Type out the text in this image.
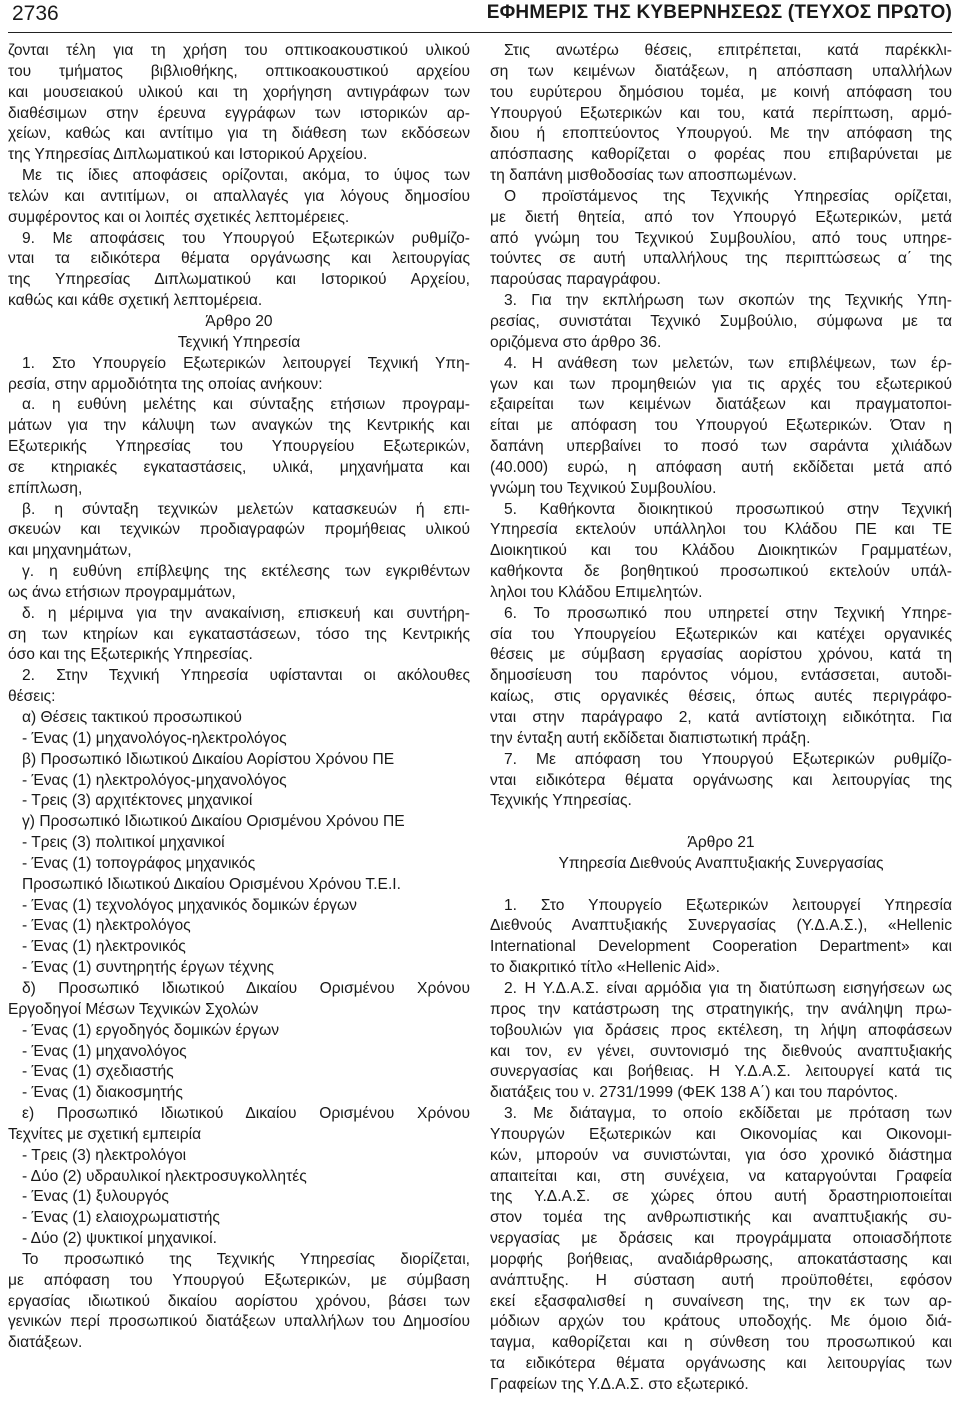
2736	ΕΦΗΜΕΡΙΣ ΤΗΣ ΚΥΒΕΡΝΗΣΕΩΣ (ΤΕΥΧΟΣ ΠΡΩΤΟ)
ζονται τέλη για τη χρήση του οπτικοακουστικού υλικού
του τμήματος βιβλιοθήκης, οπτικοακουστικού αρχείου
και μουσειακού υλικού και τη χορήγηση αντιγράφων των
διαθέσιμων στην έρευνα εγγράφων των ιστορικών αρ-
χείων, καθώς και αντίτιμο για τη διάθεση των εκδόσεων
της Υπηρεσίας Διπλωματικού και Ιστορικού Αρχείου.
Με τις ίδιες αποφάσεις ορίζονται, ακόμα, το ύψος των
τελών και αντιτίμων, οι απαλλαγές για λόγους δημοσίου
συμφέροντος και οι λοιπές σχετικές λεπτομέρειες.
9. Με αποφάσεις του Υπουργού Εξωτερικών ρυθμίζο-
νται τα ειδικότερα θέματα οργάνωσης και λειτουργίας
της Υπηρεσίας Διπλωματικού και Ιστορικού Αρχείου,
καθώς και κάθε σχετική λεπτομέρεια.
Άρθρο 20
Τεχνική Υπηρεσία
1. Στο Υπουργείο Εξωτερικών λειτουργεί Τεχνική Υπη-
ρεσία, στην αρμοδιότητα της οποίας ανήκουν:
α. η ευθύνη μελέτης και σύνταξης ετήσιων προγραμ-
μάτων για την κάλυψη των αναγκών της Κεντρικής και
Εξωτερικής Υπηρεσίας του Υπουργείου Εξωτερικών,
σε κτηριακές εγκαταστάσεις, υλικά, μηχανήματα και
επίπλωση,
β. η σύνταξη τεχνικών μελετών κατασκευών ή επι-
σκευών και τεχνικών προδιαγραφών προμήθειας υλικού
και μηχανημάτων,
γ. η ευθύνη επίβλεψης της εκτέλεσης των εγκριθέντων
ως άνω ετήσιων προγραμμάτων,
δ. η μέριμνα για την ανακαίνιση, επισκευή και συντήρη-
ση των κτηρίων και εγκαταστάσεων, τόσο της Κεντρικής
όσο και της Εξωτερικής Υπηρεσίας.
2. Στην Τεχνική Υπηρεσία υφίστανται οι ακόλουθες
θέσεις:
α) Θέσεις τακτικού προσωπικού
- Ένας (1) μηχανολόγος-ηλεκτρολόγος
β) Προσωπικό Ιδιωτικού Δικαίου Αορίστου Χρόνου ΠΕ
- Ένας (1) ηλεκτρολόγος-μηχανολόγος
- Τρεις (3) αρχιτέκτονες μηχανικοί
γ) Προσωπικό Ιδιωτικού Δικαίου Ορισμένου Χρόνου ΠΕ
- Τρεις (3) πολιτικοί μηχανικοί
- Ένας (1) τοπογράφος μηχανικός
Προσωπικό Ιδιωτικού Δικαίου Ορισμένου Χρόνου Τ.Ε.Ι.
- Ένας (1) τεχνολόγος μηχανικός δομικών έργων
- Ένας (1) ηλεκτρολόγος
- Ένας (1) ηλεκτρονικός
- Ένας (1) συντηρητής έργων τέχνης
δ) Προσωπικό Ιδιωτικού Δικαίου Ορισμένου Χρόνου
Εργοδηγοί Μέσων Τεχνικών Σχολών
- Ένας (1) εργοδηγός δομικών έργων
- Ένας (1) μηχανολόγος
- Ένας (1) σχεδιαστής
- Ένας (1) διακοσμητής
ε) Προσωπικό Ιδιωτικού Δικαίου Ορισμένου Χρόνου
Τεχνίτες με σχετική εμπειρία
- Τρεις (3) ηλεκτρολόγοι
- Δύο (2) υδραυλικοί ηλεκτροσυγκολλητές
- Ένας (1) ξυλουργός
- Ένας (1) ελαιοχρωματιστής
- Δύο (2) ψυκτικοί μηχανικοί.
Το προσωπικό της Τεχνικής Υπηρεσίας διορίζεται,
με απόφαση του Υπουργού Εξωτερικών, με σύμβαση
εργασίας ιδιωτικού δικαίου αορίστου χρόνου, βάσει των
γενικών περί προσωπικού διατάξεων υπαλλήλων του Δημοσίου
διατάξεων.
Στις ανωτέρω θέσεις, επιτρέπεται, κατά παρέκκλι-
ση των κειμένων διατάξεων, η απόσπαση υπαλλήλων
του ευρύτερου δημόσιου τομέα, με κοινή απόφαση του
Υπουργού Εξωτερικών και του, κατά περίπτωση, αρμό-
διου ή εποπτεύοντος Υπουργού. Με την απόφαση της
απόσπασης καθορίζεται ο φορέας που επιβαρύνεται με
τη δαπάνη μισθοδοσίας των αποσπωμένων.
Ο προϊστάμενος της Τεχνικής Υπηρεσίας ορίζεται,
με διετή θητεία, από τον Υπουργό Εξωτερικών, μετά
από γνώμη του Τεχνικού Συμβουλίου, από τους υπηρε-
τούντες σε αυτή υπαλλήλους της περιπτώσεως α΄ της
παρούσας παραγράφου.
3. Για την εκπλήρωση των σκοπών της Τεχνικής Υπη-
ρεσίας, συνιστάται Τεχνικό Συμβούλιο, σύμφωνα με τα
οριζόμενα στο άρθρο 36.
4. Η ανάθεση των μελετών, των επιβλέψεων, των έρ-
γων και των προμηθειών για τις αρχές του εξωτερικού
εξαιρείται των κειμένων διατάξεων και πραγματοποι-
είται με απόφαση του Υπουργού Εξωτερικών. Όταν η
δαπάνη υπερβαίνει το ποσό των σαράντα χιλιάδων
(40.000) ευρώ, η απόφαση αυτή εκδίδεται μετά από
γνώμη του Τεχνικού Συμβουλίου.
5. Καθήκοντα διοικητικού προσωπικού στην Τεχνική
Υπηρεσία εκτελούν υπάλληλοι του Κλάδου ΠΕ και ΤΕ
Διοικητικού και του Κλάδου Διοικητικών Γραμματέων,
καθήκοντα δε βοηθητικού προσωπικού εκτελούν υπάλ-
ληλοι του Κλάδου Επιμελητών.
6. Το προσωπικό που υπηρετεί στην Τεχνική Υπηρε-
σία του Υπουργείου Εξωτερικών και κατέχει οργανικές
θέσεις με σύμβαση εργασίας αορίστου χρόνου, κατά τη
δημοσίευση του παρόντος νόμου, εντάσσεται, αυτοδι-
καίως, στις οργανικές θέσεις, όπως αυτές περιγράφο-
νται στην παράγραφο 2, κατά αντίστοιχη ειδικότητα. Για
την ένταξη αυτή εκδίδεται διαπιστωτική πράξη.
7. Με απόφαση του Υπουργού Εξωτερικών ρυθμίζο-
νται ειδικότερα θέματα οργάνωσης και λειτουργίας της
Τεχνικής Υπηρεσίας.
Άρθρο 21
Υπηρεσία Διεθνούς Αναπτυξιακής Συνεργασίας
1. Στο Υπουργείο Εξωτερικών λειτουργεί Υπηρεσία
Διεθνούς Αναπτυξιακής Συνεργασίας (Υ.Δ.Α.Σ.), «Hellenic
International Development Cooperation Department» και
το διακριτικό τίτλο «Hellenic Aid».
2. Η Υ.Δ.Α.Σ. είναι αρμόδια για τη διατύπωση εισηγήσεων ως
προς την κατάστρωση της στρατηγικής, την ανάληψη πρω-
τοβουλιών για δράσεις προς εκτέλεση, τη λήψη αποφάσεων
και τον, εν γένει, συντονισμό της διεθνούς αναπτυξιακής
συνεργασίας και βοήθειας. Η Υ.Δ.Α.Σ. λειτουργεί κατά τις
διατάξεις του ν. 2731/1999 (ΦΕΚ 138 Α΄) και του παρόντος.
3. Με διάταγμα, το οποίο εκδίδεται με πρόταση των
Υπουργών Εξωτερικών και Οικονομίας και Οικονομι-
κών, μπορούν να συνιστώνται, για όσο χρονικό διάστημα
απαιτείται και, στη συνέχεια, να καταργούνται Γραφεία
της Υ.Δ.Α.Σ. σε χώρες όπου αυτή δραστηριοποιείται
στον τομέα της ανθρωπιστικής και αναπτυξιακής συ-
νεργασίας με δράσεις και προγράμματα οποιασδήποτε
μορφής βοήθειας, αναδιάρθρωσης, αποκατάστασης και
ανάπτυξης. Η σύσταση αυτή προϋποθέτει, εφόσον
εκεί εξασφαλισθεί η συναίνεση της, την εκ των αρ-
μόδιων αρχών του κράτους υποδοχής. Με όμοιο διά-
ταγμα, καθορίζεται και η σύνθεση του προσωπικού και
τα ειδικότερα θέματα οργάνωσης και λειτουργίας των
Γραφείων της Υ.Δ.Α.Σ. στο εξωτερικό.
